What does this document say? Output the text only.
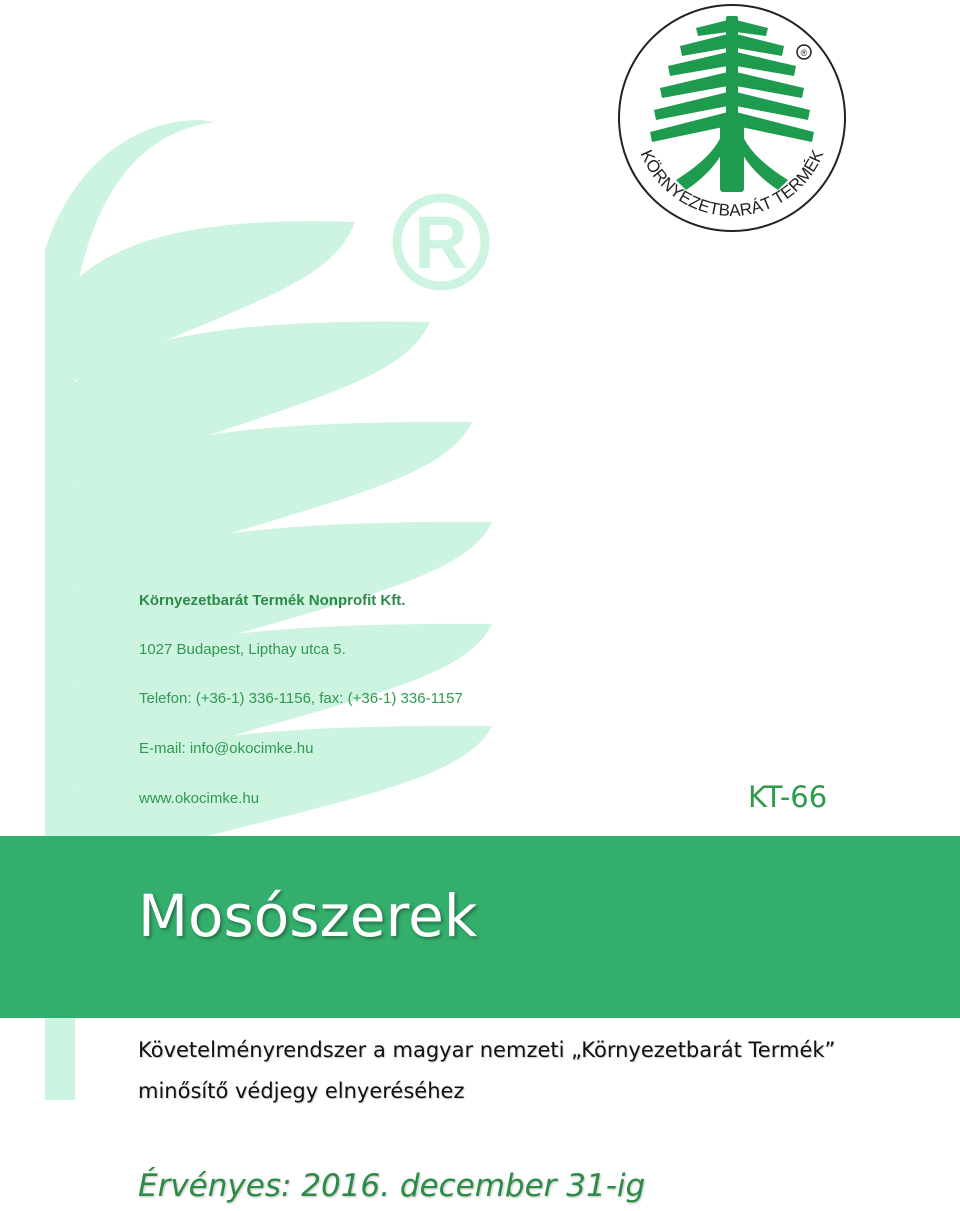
R
®
KÖRNYEZETBARÁT TERMÉK
Környezetbarát Termék Nonprofit Kft.
1027 Budapest, Lipthay utca 5.
Telefon: (+36-1) 336-1156, fax: (+36-1) 336-1157
E-mail: info@okocimke.hu
www.okocimke.hu	KT-66
Mosószerek
Követelményrendszer a magyar nemzeti „Környezetbarát Termék” minősítő védjegy elnyeréséhez
Érvényes: 2016. december 31-ig
